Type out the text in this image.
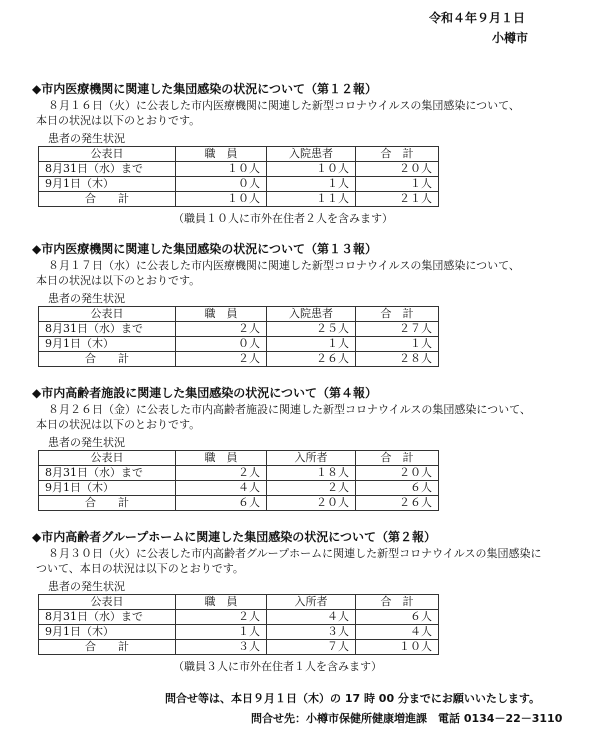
令和４年９月１日
小樽市
◆市内医療機関に関連した集団感染の状況について（第１２報）
８月１６日（火）に公表した市内医療機関に関連した新型コロナウイルスの集団感染について、
本日の状況は以下のとおりです。
患者の発生状況
公表日	職　員	入院患者	合　計
8月31日（水）まで	１０人	１０人	２０人
9月1日（木）	０人	１人	１人
合　　計	１０人	１１人	２１人
（職員１０人に市外在住者２人を含みます）
◆市内医療機関に関連した集団感染の状況について（第１３報）
８月１７日（水）に公表した市内医療機関に関連した新型コロナウイルスの集団感染について、
本日の状況は以下のとおりです。
患者の発生状況
公表日	職　員	入院患者	合　計
8月31日（水）まで	２人	２５人	２７人
9月1日（木）	０人	１人	１人
合　　計	２人	２６人	２８人
◆市内高齢者施設に関連した集団感染の状況について（第４報）
８月２６日（金）に公表した市内高齢者施設に関連した新型コロナウイルスの集団感染について、
本日の状況は以下のとおりです。
患者の発生状況
公表日	職　員	入所者	合　計
8月31日（水）まで	２人	１８人	２０人
9月1日（木）	４人	２人	６人
合　　計	６人	２０人	２６人
◆市内高齢者グループホームに関連した集団感染の状況について（第２報）
８月３０日（火）に公表した市内高齢者グループホームに関連した新型コロナウイルスの集団感染に
ついて、本日の状況は以下のとおりです。
患者の発生状況
公表日	職　員	入所者	合　計
8月31日（水）まで	２人	４人	６人
9月1日（木）	１人	３人	４人
合　　計	３人	７人	１０人
（職員３人に市外在住者１人を含みます）
問合せ等は、本日９月１日（木）の 17 時 00 分までにお願いいたします。
問合せ先：小樽市保健所健康増進課　電話 0134－22－3110
